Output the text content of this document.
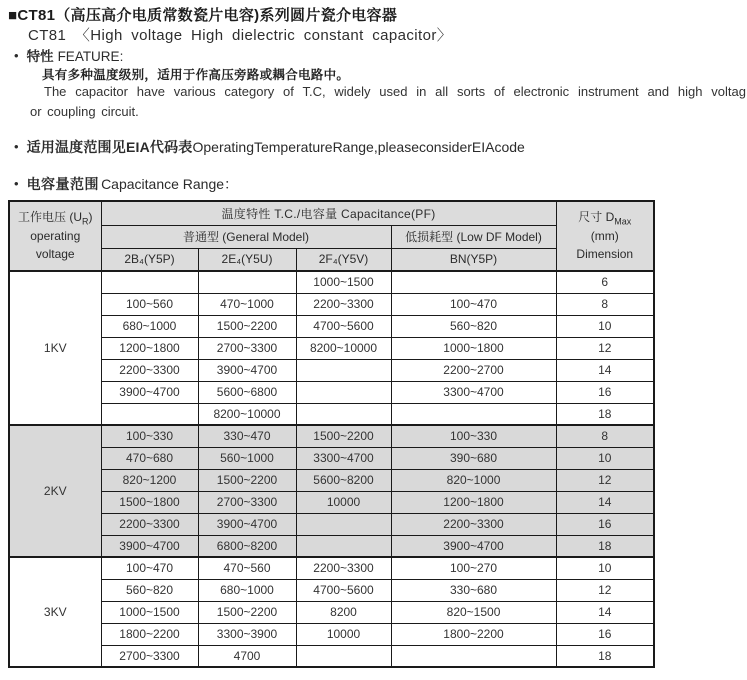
■CT81（高压高介电质常数瓷片电容)系列圆片瓷介电容器
CT81 〈High voltage High dielectric constant capacitor〉
• 特性 FEATURE:
具有多种温度级别，适用于作高压旁路或耦合电路中。
The capacitor have various category of T.C, widely used in all sorts of electronic instrument and high voltag
or coupling circuit.
• 适用温度范围见EIA代码表OperatingTemperatureRange,pleaseconsiderEIAcode
• 电容量范围 Capacitance Range：
工作电压 $(U_R)$
operating
voltage
	温度特性 T.C./电容量 Capacitance(PF)	尺寸 $D_{Max}$
(mm)
Dimension

	普通型 (General Model)			低损耗型 (Low DF Model)	
	2B₄(Y5P)	2E₄(Y5U)	2F₄(Y5V)	BN(Y5P)	
1KV			1000~1500		6
	100~560	470~1000	2200~3300	100~470	8
	680~1000	1500~2200	4700~5600	560~820	10
	1200~1800	2700~3300	8200~10000	1000~1800	12
	2200~3300	3900~4700		2200~2700	14
	3900~4700	5600~6800		3300~4700	16
		8200~10000			18
2KV	100~330	330~470	1500~2200	100~330	8
	470~680	560~1000	3300~4700	390~680	10
	820~1200	1500~2200	5600~8200	820~1000	12
	1500~1800	2700~3300	10000	1200~1800	14
	2200~3300	3900~4700		2200~3300	16
	3900~4700	6800~8200		3900~4700	18
3KV	100~470	470~560	2200~3300	100~270	10
	560~820	680~1000	4700~5600	330~680	12
	1000~1500	1500~2200	8200	820~1500	14
	1800~2200	3300~3900	10000	1800~2200	16
	2700~3300	4700			18
